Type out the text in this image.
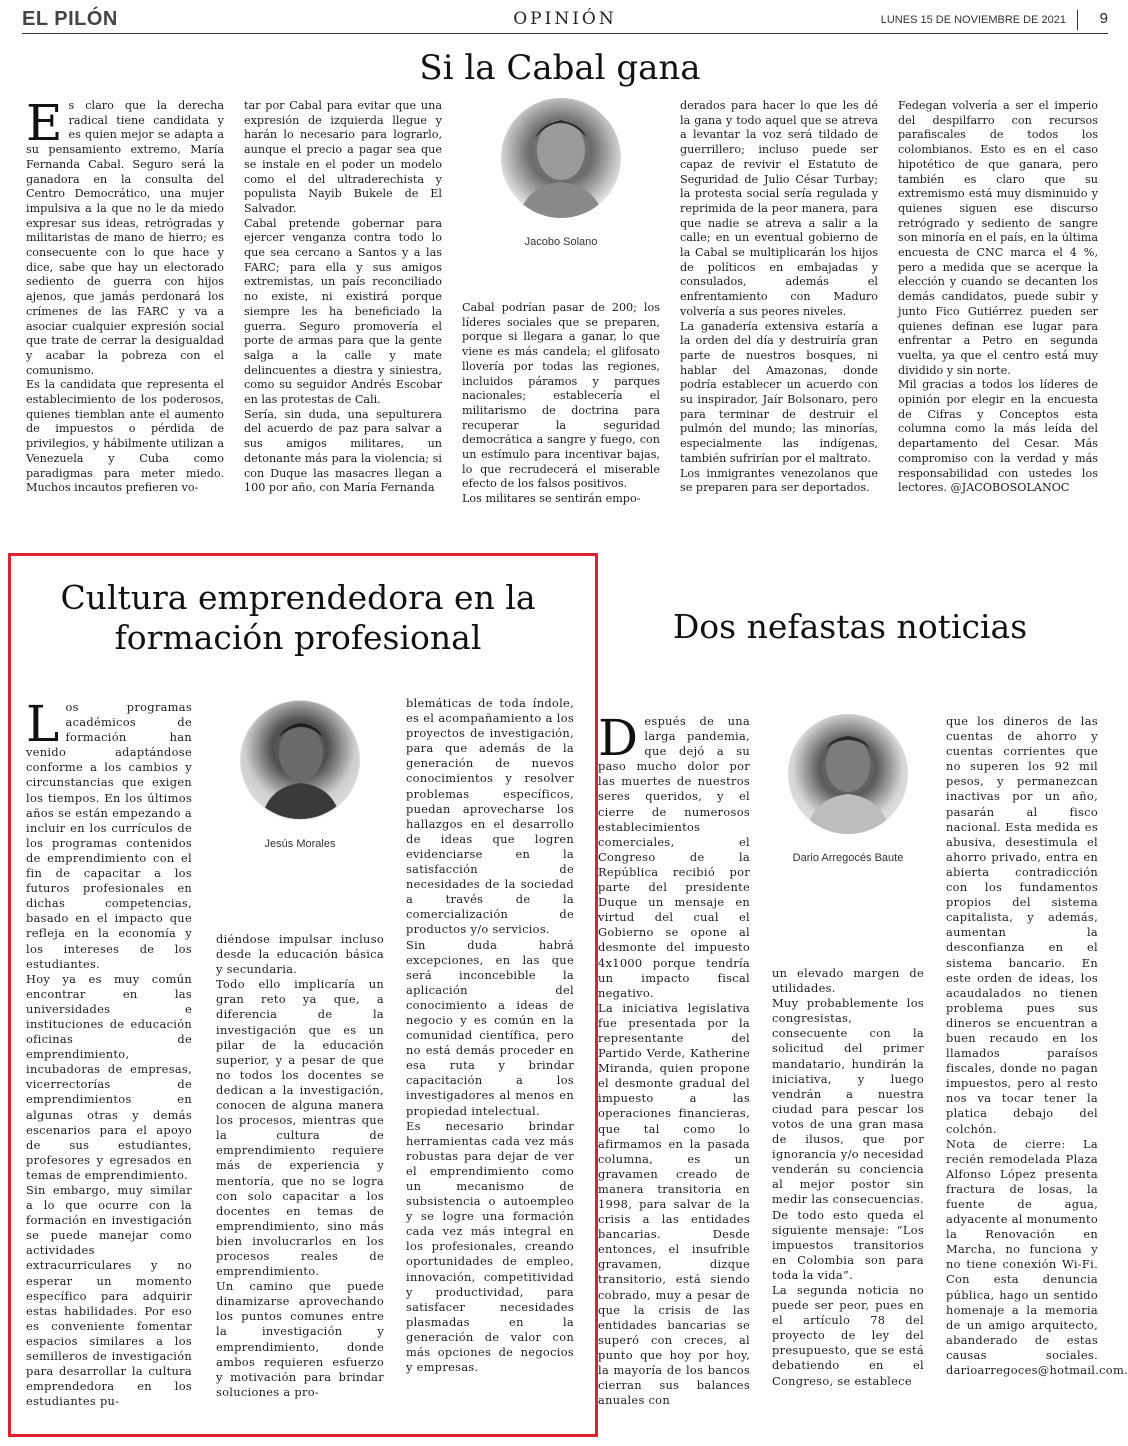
EL PILÓN	OPINIÓN	LUNES 15 DE NOVIEMBRE DE 2021 9
Si la Cabal gana
E s claro que la derecha radical tiene candidata y es quien mejor se adapta a su pensamiento extremo, María Fernanda Cabal. Seguro será la ganadora en la consulta del Centro Democrático, una mujer impulsiva a la que no le da miedo expresar sus ideas, retrógradas y militaristas de mano de hierro; es consecuente con lo que hace y dice, sabe que hay un electorado sediento de guerra con hijos ajenos, que jamás perdonará los crímenes de las FARC y va a asociar cualquier expresión social que trate de cerrar la desigualdad y acabar la pobreza con el comunismo.

Es la candidata que representa el establecimiento de los poderosos, quienes tiemblan ante el aumento de impuestos o pérdida de privilegios, y hábilmente utilizan a Venezuela y Cuba como paradigmas para meter miedo. Muchos incautos prefieren vo-

tar por Cabal para evitar que una expresión de izquierda llegue y harán lo necesario para lograrlo, aunque el precio a pagar sea que se instale en el poder un modelo como el del ultraderechista y populista Nayib Bukele de El Salvador.

Cabal pretende gobernar para ejercer venganza contra todo lo que sea cercano a Santos y a las FARC; para ella y sus amigos extremistas, un país reconciliado no existe, ni existirá porque siempre les ha beneficiado la guerra. Seguro promovería el porte de armas para que la gente salga a la calle y mate delincuentes a diestra y siniestra, como su seguidor Andrés Escobar en las protestas de Cali.

Sería, sin duda, una sepulturera del acuerdo de paz para salvar a sus amigos militares, un detonante más para la violencia; si con Duque las masacres llegan a 100 por año, con María Fernanda

Jacobo Solano

Cabal podrían pasar de 200; los líderes sociales que se preparen, porque si llegara a ganar, lo que viene es más candela; el glifosato llovería por todas las regiones, incluidos páramos y parques nacionales; establecería el militarismo de doctrina para recuperar la seguridad democrática a sangre y fuego, con un estímulo para incentivar bajas, lo que recrudecerá el miserable efecto de los falsos positivos.

Los militares se sentirán empo-

derados para hacer lo que les dé la gana y todo aquel que se atreva a levantar la voz será tildado de guerrillero; incluso puede ser capaz de revivir el Estatuto de Seguridad de Julio César Turbay; la protesta social sería regulada y reprimida de la peor manera, para que nadie se atreva a salir a la calle; en un eventual gobierno de la Cabal se multiplicarán los hijos de políticos en embajadas y consulados, además el enfrentamiento con Maduro volvería a sus peores niveles.

La ganadería extensiva estaría a la orden del día y destruiría gran parte de nuestros bosques, ni hablar del Amazonas, donde podría establecer un acuerdo con su inspirador, Jaír Bolsonaro, pero para terminar de destruir el pulmón del mundo; las minorías, especialmente las indígenas, también sufrirían por el maltrato.

Los inmigrantes venezolanos que se preparen para ser deportados.

Fedegan volvería a ser el imperio del despilfarro con recursos parafiscales de todos los colombianos. Esto es en el caso hipotético de que ganara, pero también es claro que su extremismo está muy disminuido y quienes siguen ese discurso retrógrado y sediento de sangre son minoría en el país, en la última encuesta de CNC marca el 4 %, pero a medida que se acerque la elección y cuando se decanten los demás candidatos, puede subir y junto Fico Gutiérrez pueden ser quienes definan ese lugar para enfrentar a Petro en segunda vuelta, ya que el centro está muy dividido y sin norte.

Mil gracias a todos los líderes de opinión por elegir en la encuesta de Cifras y Conceptos esta columna como la más leída del departamento del Cesar. Más compromiso con la verdad y más responsabilidad con ustedes los lectores. @JACOBOSOLANOC

Cultura emprendedora en la formación profesional
L os programas académicos de formación han venido adaptándose conforme a los cambios y circunstancias que exigen los tiempos. En los últimos años se están empezando a incluir en los currículos de los programas contenidos de emprendimiento con el fin de capacitar a los futuros profesionales en dichas competencias, basado en el impacto que refleja en la economía y los intereses de los estudiantes.

Hoy ya es muy común encontrar en las universidades e instituciones de educación oficinas de emprendimiento, incubadoras de empresas, vicerrectorías de emprendimientos en algunas otras y demás escenarios para el apoyo de sus estudiantes, profesores y egresados en temas de emprendimiento.

Sin embargo, muy similar a lo que ocurre con la formación en investigación se puede manejar como actividades extracurriculares y no esperar un momento específico para adquirir estas habilidades. Por eso es conveniente fomentar espacios similares a los semilleros de investigación para desarrollar la cultura emprendedora en los estudiantes pu-

Jesús Morales

diéndose impulsar incluso desde la educación básica y secundaria.

Todo ello implicaría un gran reto ya que, a diferencia de la investigación que es un pilar de la educación superior, y a pesar de que no todos los docentes se dedican a la investigación, conocen de alguna manera los procesos, mientras que la cultura de emprendimiento requiere más de experiencia y mentoría, que no se logra con solo capacitar a los docentes en temas de emprendimiento, sino más bien involucrarlos en los procesos reales de emprendimiento.

Un camino que puede dinamizarse aprovechando los puntos comunes entre la investigación y emprendimiento, donde ambos requieren esfuerzo y motivación para brindar soluciones a pro-

blemáticas de toda índole, es el acompañamiento a los proyectos de investigación, para que además de la generación de nuevos conocimientos y resolver problemas específicos, puedan aprovecharse los hallazgos en el desarrollo de ideas que logren evidenciarse en la satisfacción de necesidades de la sociedad a través de la comercialización de productos y/o servicios.

Sin duda habrá excepciones, en las que será inconcebible la aplicación del conocimiento a ideas de negocio y es común en la comunidad científica, pero no está demás proceder en esa ruta y brindar capacitación a los investigadores al menos en propiedad intelectual.

Es necesario brindar herramientas cada vez más robustas para dejar de ver el emprendimiento como un mecanismo de subsistencia o autoempleo y se logre una formación cada vez más integral en los profesionales, creando oportunidades de empleo, innovación, competitividad y productividad, para satisfacer necesidades plasmadas en la generación de valor con más opciones de negocios y empresas.

Dos nefastas noticias
D espués de una larga pandemia, que dejó a su paso mucho dolor por las muertes de nuestros seres queridos, y el cierre de numerosos establecimientos comerciales, el Congreso de la República recibió por parte del presidente Duque un mensaje en virtud del cual el Gobierno se opone al desmonte del impuesto 4x1000 porque tendría un impacto fiscal negativo.

La iniciativa legislativa fue presentada por la representante del Partido Verde, Katherine Miranda, quien propone el desmonte gradual del impuesto a las operaciones financieras, que tal como lo afirmamos en la pasada columna, es un gravamen creado de manera transitoria en 1998, para salvar de la crisis a las entidades bancarias. Desde entonces, el insufrible gravamen, dizque transitorio, está siendo cobrado, muy a pesar de que la crisis de las entidades bancarias se superó con creces, al punto que hoy por hoy, la mayoría de los bancos cierran sus balances anuales con

Dario Arregocés Baute

un elevado margen de utilidades.

Muy probablemente los congresistas, consecuente con la solicitud del primer mandatario, hundirán la iniciativa, y luego vendrán a nuestra ciudad para pescar los votos de una gran masa de ilusos, que por ignorancia y/o necesidad venderán su conciencia al mejor postor sin medir las consecuencias. De todo esto queda el siguiente mensaje: “Los impuestos transitorios en Colombia son para toda la vida”.

La segunda noticia no puede ser peor, pues en el artículo 78 del proyecto de ley del presupuesto, que se está debatiendo en el Congreso, se establece

que los dineros de las cuentas de ahorro y cuentas corrientes que no superen los 92 mil pesos, y permanezcan inactivas por un año, pasarán al fisco nacional. Esta medida es abusiva, desestimula el ahorro privado, entra en abierta contradicción con los fundamentos propios del sistema capitalista, y además, aumentan la desconfianza en el sistema bancario. En este orden de ideas, los acaudalados no tienen problema pues sus dineros se encuentran a buen recaudo en los llamados paraísos fiscales, donde no pagan impuestos, pero al resto nos va tocar tener la platica debajo del colchón.

Nota de cierre: La recién remodelada Plaza Alfonso López presenta fractura de losas, la fuente de agua, adyacente al monumento la Renovación en Marcha, no funciona y no tiene conexión Wi-Fi. Con esta denuncia pública, hago un sentido homenaje a la memoria de un amigo arquitecto, abanderado de estas causas sociales. darioarregoces@hotmail.com.
